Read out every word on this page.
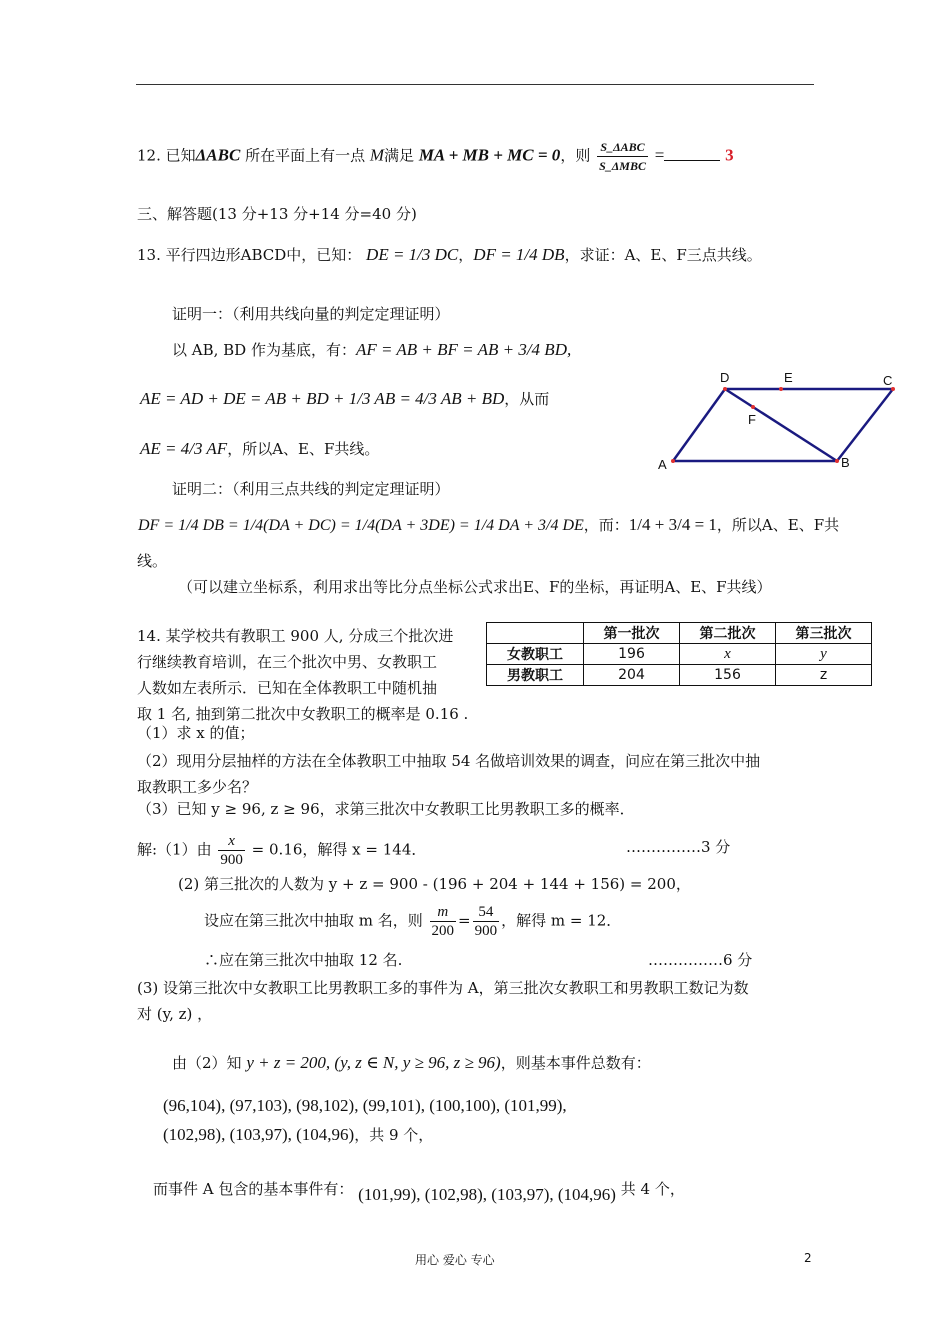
12. 已知ΔABC 所在平面上有一点 M满足 MA + MB + MC = 0，则 $\frac{\text{S\_ΔABC}}{\text{S\_ΔMBC}}$ =	3
三、解答题(13 分+13 分+14 分=40 分)
13. 平行四边形ABCD中，已知： DE = 1/3 DC，DF = 1/4 DB，求证：A、E、F三点共线。
证明一：（利用共线向量的判定定理证明）
以 AB, BD 作为基底，有：AF = AB + BF = AB + 3/4 BD,
AE = AD + DE = AB + BD + 1/3 AB = 4/3 AB + BD，从而
AE = 4/3 AF，所以A、E、F共线。
证明二：（利用三点共线的判定定理证明）
DF = 1/4 DB = 1/4(DA + DC) = 1/4(DA + 3DE) = 1/4 DA + 3/4 DE，而：1/4 + 3/4 = 1，所以A、E、F共
线。
（可以建立坐标系，利用求出等比分点坐标公式求出E、F的坐标，再证明A、E、F共线）
A
D	E	C
F
B
14. 某学校共有教职工 900 人, 分成三个批次进
行继续教育培训，在三个批次中男、女教职工
人数如左表所示．已知在全体教职工中随机抽
取 1 名, 抽到第二批次中女教职工的概率是 0.16 .
	第一批次	第二批次	第三批次
女教职工	196	x	y
男教职工	204	156	z
（1）求 x 的值；
（2）现用分层抽样的方法在全体教职工中抽取 54 名做培训效果的调查，问应在第三批次中抽
取教职工多少名？
（3）已知 y ≥ 96, z ≥ 96，求第三批次中女教职工比男教职工多的概率．
解:（1）由 $\frac{x}{900} = 0.16$，解得 x = 144．	……………3 分
(2) 第三批次的人数为 y + z = 900 - (196 + 204 + 144 + 156) = 200，
设应在第三批次中抽取 m 名，则 $\frac{m}{200} = \frac{54}{900}$ ，解得 m = 12．
∴应在第三批次中抽取 12 名.	……………6 分
(3) 设第三批次中女教职工比男教职工多的事件为 A，第三批次女教职工和男教职工数记为数
对 (y, z) ，
由（2）知 y + z = 200, (y, z ∈ N, y ≥ 96, z ≥ 96)，则基本事件总数有：
(96,104), (97,103), (98,102), (99,101), (100,100), (101,99),
(102,98), (103,97), (104,96)，共 9 个，
而事件 A 包含的基本事件有： (101,99), (102,98), (103,97), (104,96) 共 4 个，
用心 爱心 专心	2
